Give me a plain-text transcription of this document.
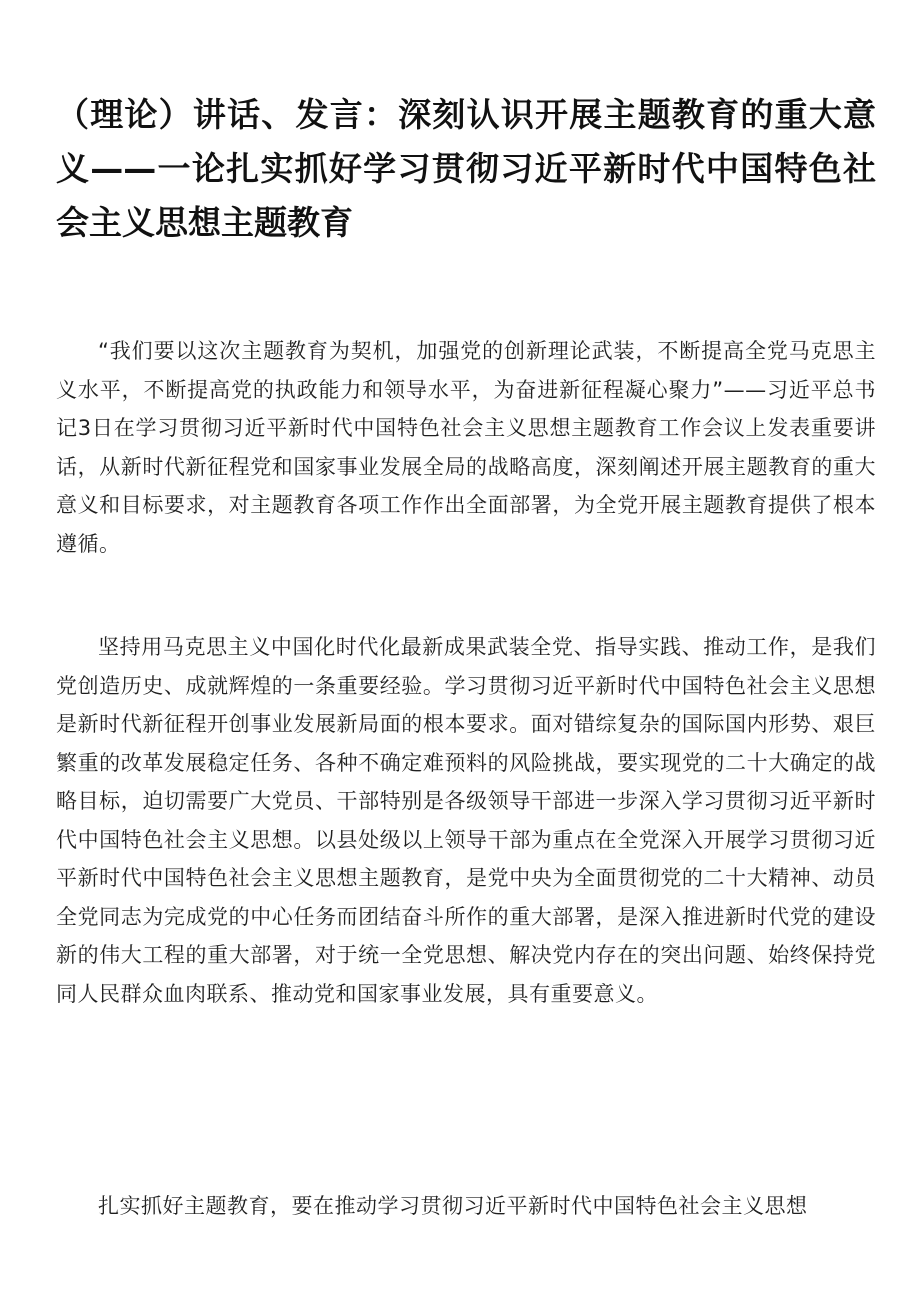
（理论）讲话、发言：深刻认识开展主题教育的重大意义——一论扎实抓好学习贯彻习近平新时代中国特色社会主义思想主题教育

“我们要以这次主题教育为契机，加强党的创新理论武装，不断提高全党马克思主义水平，不断提高党的执政能力和领导水平，为奋进新征程凝心聚力”——习近平总书记3日在学习贯彻习近平新时代中国特色社会主义思想主题教育工作会议上发表重要讲话，从新时代新征程党和国家事业发展全局的战略高度，深刻阐述开展主题教育的重大意义和目标要求，对主题教育各项工作作出全面部署，为全党开展主题教育提供了根本遵循。

坚持用马克思主义中国化时代化最新成果武装全党、指导实践、推动工作，是我们党创造历史、成就辉煌的一条重要经验。学习贯彻习近平新时代中国特色社会主义思想是新时代新征程开创事业发展新局面的根本要求。面对错综复杂的国际国内形势、艰巨繁重的改革发展稳定任务、各种不确定难预料的风险挑战，要实现党的二十大确定的战略目标，迫切需要广大党员、干部特别是各级领导干部进一步深入学习贯彻习近平新时代中国特色社会主义思想。以县处级以上领导干部为重点在全党深入开展学习贯彻习近平新时代中国特色社会主义思想主题教育，是党中央为全面贯彻党的二十大精神、动员全党同志为完成党的中心任务而团结奋斗所作的重大部署，是深入推进新时代党的建设新的伟大工程的重大部署，对于统一全党思想、解决党内存在的突出问题、始终保持党同人民群众血肉联系、推动党和国家事业发展，具有重要意义。

扎实抓好主题教育，要在推动学习贯彻习近平新时代中国特色社会主义思想
